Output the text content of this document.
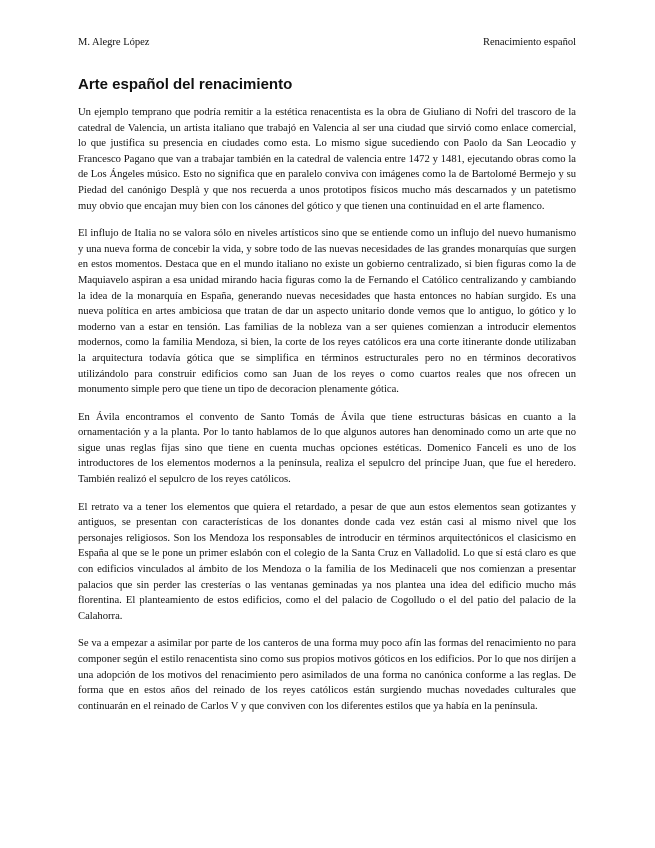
M. Alegre López	Renacimiento español
Arte español del renacimiento

Un ejemplo temprano que podría remitir a la estética renacentista es la obra de Giuliano di Nofri del trascoro de la catedral de Valencia, un artista italiano que trabajó en Valencia al ser una ciudad que sirvió como enlace comercial, lo que justifica su presencia en ciudades como esta. Lo mismo sigue sucediendo con Paolo da San Leocadio y Francesco Pagano que van a trabajar también en la catedral de valencia entre 1472 y 1481, ejecutando obras como la de Los Ángeles músico. Esto no significa que en paralelo conviva con imágenes como la de Bartolomé Bermejo y su Piedad del canónigo Desplà y que nos recuerda a unos prototipos físicos mucho más descarnados y un patetismo muy obvio que encajan muy bien con los cánones del gótico y que tienen una continuidad en el arte flamenco.

El influjo de Italia no se valora sólo en niveles artísticos sino que se entiende como un influjo del nuevo humanismo y una nueva forma de concebir la vida, y sobre todo de las nuevas necesidades de las grandes monarquías que surgen en estos momentos. Destaca que en el mundo italiano no existe un gobierno centralizado, si bien figuras como la de Maquiavelo aspiran a esa unidad mirando hacia figuras como la de Fernando el Católico centralizando y cambiando la idea de la monarquía en España, generando nuevas necesidades que hasta entonces no habían surgido. Es una nueva política en artes ambiciosa que tratan de dar un aspecto unitario donde vemos que lo antiguo, lo gótico y lo moderno van a estar en tensión. Las familias de la nobleza van a ser quienes comienzan a introducir elementos modernos, como la familia Mendoza, si bien, la corte de los reyes católicos era una corte itinerante donde utilizaban la arquitectura todavía gótica que se simplifica en términos estructurales pero no en términos decorativos utilizándolo para construir edificios como san Juan de los reyes o como cuartos reales que nos ofrecen un monumento simple pero que tiene un tipo de decoracion plenamente gótica.

En Ávila encontramos el convento de Santo Tomás de Ávila que tiene estructuras básicas en cuanto a la ornamentación y a la planta. Por lo tanto hablamos de lo que algunos autores han denominado como un arte que no sigue unas reglas fijas sino que tiene en cuenta muchas opciones estéticas. Domenico Fanceli es uno de los introductores de los elementos modernos a la península, realiza el sepulcro del príncipe Juan, que fue el heredero. También realizó el sepulcro de los reyes católicos.

El retrato va a tener los elementos que quiera el retardado, a pesar de que aun estos elementos sean gotizantes y antiguos, se presentan con características de los donantes donde cada vez están casi al mismo nivel que los personajes religiosos. Son los Mendoza los responsables de introducir en términos arquitectónicos el clasicismo en España al que se le pone un primer eslabón con el colegio de la Santa Cruz en Valladolid. Lo que sí está claro es que con edificios vinculados al ámbito de los Mendoza o la familia de los Medinaceli que nos comienzan a presentar palacios que sin perder las cresterías o las ventanas geminadas ya nos plantea una idea del edificio mucho más florentina. El planteamiento de estos edificios, como el del palacio de Cogolludo o el del patio del palacio de la Calahorra.

Se va a empezar a asimilar por parte de los canteros de una forma muy poco afín las formas del renacimiento no para componer según el estilo renacentista sino como sus propios motivos góticos en los edificios. Por lo que nos diríjen a una adopción de los motivos del renacimiento pero asimilados de una forma no canónica conforme a las reglas. De forma que en estos años del reinado de los reyes católicos están surgiendo muchas novedades culturales que continuarán en el reinado de Carlos V y que conviven con los diferentes estilos que ya había en la península.
